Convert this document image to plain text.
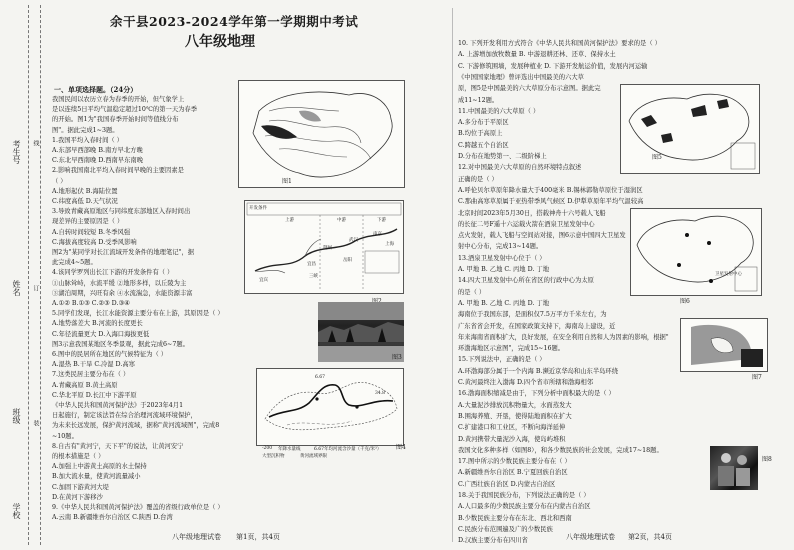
考生号
姓名
班级
学校
线
订
装
余干县2023-2024学年第一学期期中考试
八年级地理
一、单项选择题。（24分）
我国民间以农历立春为春季的开始，但气象学上
是以连续5日平均气温稳定超过10℃的第一天为春季
的开始。图1为"我国春季开始时间等值线分布
图"。据此完成1~3题。
1.我国平均入春时间（ ）
A.东部早西部晚 B.南方早北方晚
C.东北早西南晚 D.西南早东南晚
2.影响我国南北平均入春时间早晚的主要因素是
（ ）
A.地形起伏 B.海陆位置
C.纬度高低 D.天气状况
3.导致青藏高原地区与同纬度东部地区入春时间出
现差异的主要原因是（ ）
A.自转时间较短 B.冬季风强
C.海拔高度较高 D.受季风影响
图2为"某同学对长江流域开发条件的地理笔记"，据
此完成4~5题。
4.该同学罗列出长江下游的开发条件有（ ）
①山脉耸峙，水流平缓 ②地形多样，以丘陵为主
③湖泊周期，兴旺有余 ④水流湍急，水能资源丰富
A.①② B.①③ C.②③ D.③④
5.同学们发现，长江水能资源主要分布在上游，其原因是（ ）
A.地势落差大 B.河流的长度更长
C.年径流量更大 D.入海口海拔更低
图3示意我国某地区冬季景观，据此完成6~7题。
6.图中的民居所在地区的气候特征为（ ）
A.湿热 B.干旱 C.冷湿 D.高寒
7.这类民居主要分布在（ ）
A.青藏高原 B.黄土高原
C.华北平原 D.长江中下游平原
《中华人民共和国黄河保护法》于2023年4月1
日起施行，制定该法旨在综合治理河流域环境保护，
为未来长远发展，保护黄河流域，据称"黄河流域图"，完成8
~10题。
8.自古有"黄河宁，天下平"的说法，让黄河安宁
的根本措施是（ ）
A.加强上中游黄土高原的水土保持
B.加大流水量，使黄河流量减小
C.加固下游黄河大堤
D.在黄河下游移沙
9.《中华人民共和国黄河保护法》覆盖的省级行政单位是（ ）
A.云南 B.新疆维吾尔自治区 C.陕西 D.台湾
图1
开发条件
上游	中游	下游
荆州
岳阳
宜昌
三峡
宜宾
武汉
南京
上海
图3
6.67
34.8
-200 年降水量线	6.67年均河流含沙量（千克/米³）
大型沉积物	黄河流域界限
图4
八年级地理试卷 第1页，共4页
10. 下列开发利用方式符合《中华人民共和国黄河保护法》要求的是（ ）
A. 上游增加放牧数量 B. 中游退耕还林、还草、保持水土
C. 下游修筑围墙，发展种植业 D. 下游开发航运价值，发展内河运输
《中国国家地理》曾评选出中国最美的六大草
原，图5是中国最美的六大草原分布示意图。据此完
成11~12题。
11.中国最美的六大草原（ ）
A.多分布于平原区
B.均位于高原上
C.跨越五个自治区
D.分布在地势第一、二级阶梯上
12.对中国最美六大草原的自然环境特点叙述
正确的是（ ）
A.呼伦贝尔草原年降水量大于400毫米 B.锡林郭勒草原位于湿润区
C.那曲高寒草原属于亚热带季风气候区 D.伊犁草原年平均气温较高
北京时间2023年5月30日，搭载神舟十六号载人飞船
的长征二号F遥十六运载火箭在酒泉卫星发射中心
点火发射，载人飞船与空间站对接，图6示意中国四大卫星发
射中心分布，完成13~14题。
13.酒泉卫星发射中心位于（ ）
A. 甲地 B. 乙地 C. 丙地 D. 丁地
14.四大卫星发射中心所在省区的行政中心为太原
的是（ ）
A. 甲地 B. 乙地 C. 丙地 D. 丁地
海南位于我国东部，是面积仅7.5万平方千米左右，为
广东省省会开发，在国家政策支持下，海南岛上建设，近
年来海南省面积扩大，良好发展，在安全利用自然和人为因素的影响，根据"
环渤海地区示意图"，完成15~16题。
15.下列说法中，正确的是（ ）
A.环渤海部分属于一个内海 B.濒近京华岛和山东半岛环绕
C.黄河最终注入渤海 D.四个省市所辖和渤海相邻
16.渤海面积缩减是由于，下列分析中面积最大的是（ ）
A.大量泥沙排放沉积物量大，水面蒸发大
B.围海养殖、开垦，使得陆地面积在扩大
C.扩建港口和工业区，不断向海洋延伸
D.黄河携带大量泥沙入海，使岛屿堆积
我国文化多种多样（如图8），和各少数民族的社会发展，完成17~18题。
17.图中所示的少数民族主要分布在（ ）
A.新疆维吾尔自治区 B.宁夏回族自治区
C.广西壮族自治区 D.内蒙古自治区
18.关于我国民族分布，下列说法正确的是（ ）
A.人口最多的少数民族主要分布在内蒙古自治区
B.少数民族主要分布在东北、西北和西南
C.民族分布范围遍及广的少数民族
D.汉族主要分布在四川省
图5
卫星发射中心
图6
图7
图8
八年级地理试卷 第2页，共4页
